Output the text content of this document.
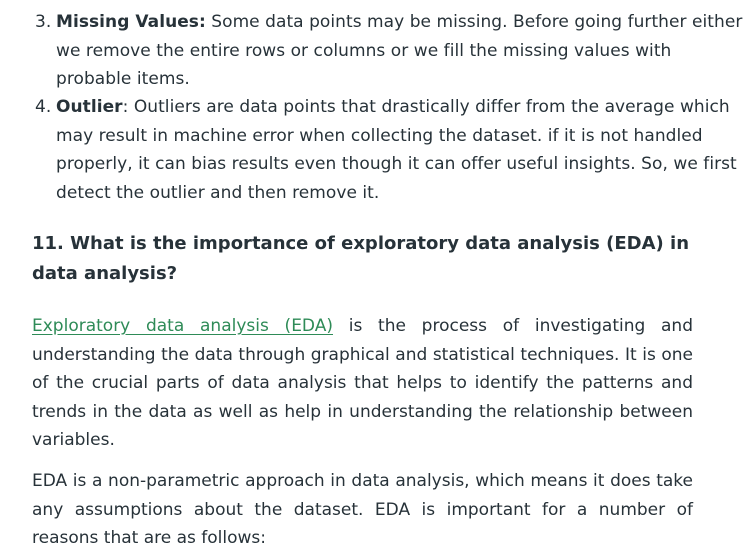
3. Missing Values: Some data points may be missing. Before going further either we remove the entire rows or columns or we fill the missing values with probable items.
4. Outlier: Outliers are data points that drastically differ from the average which may result in machine error when collecting the dataset. if it is not handled properly, it can bias results even though it can offer useful insights. So, we first detect the outlier and then remove it.
11. What is the importance of exploratory data analysis (EDA) in data analysis?

Exploratory data analysis (EDA) is the process of investigating and understanding the data through graphical and statistical techniques. It is one of the crucial parts of data analysis that helps to identify the patterns and trends in the data as well as help in understanding the relationship between variables.

EDA is a non-parametric approach in data analysis, which means it does take any assumptions about the dataset. EDA is important for a number of reasons that are as follows:
